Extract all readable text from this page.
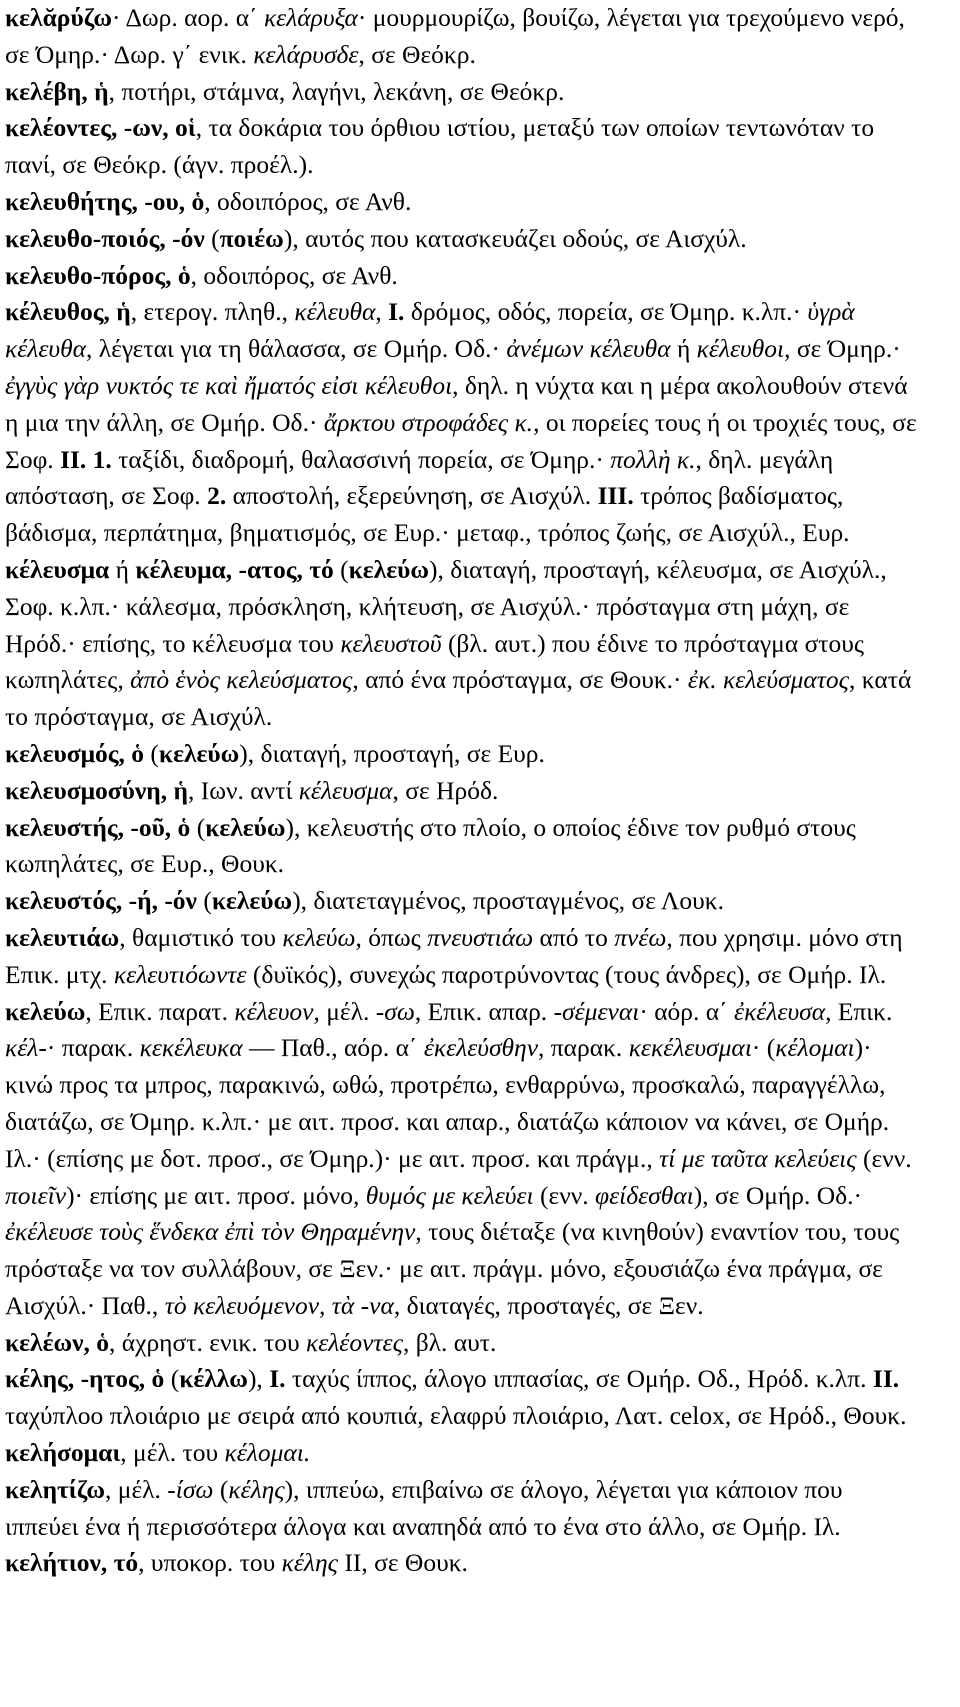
κελᾰρύζω· Δωρ. αορ. α΄ κελάρυξα· μουρμουρίζω, βουίζω, λέγεται για τρεχούμενο νερό, σε Όμηρ.· Δωρ. γ΄ ενικ. κελάρυσδε, σε Θεόκρ.

κελέβη, ἡ, ποτήρι, στάμνα, λαγήνι, λεκάνη, σε Θεόκρ.

κελέοντες, -ων, οἱ, τα δοκάρια του όρθιου ιστίου, μεταξύ των οποίων τεντωνόταν το πανί, σε Θεόκρ. (άγν. προέλ.).

κελευθήτης, -ου, ὁ, οδοιπόρος, σε Ανθ.

κελευθο-ποιός, -όν (ποιέω), αυτός που κατασκευάζει οδούς, σε Αισχύλ.

κελευθο-πόρος, ὁ, οδοιπόρος, σε Ανθ.

κέλευθος, ἡ, ετερογ. πληθ., κέλευθα, I. δρόμος, οδός, πορεία, σε Όμηρ. κ.λπ.· ὑγρὰ κέλευθα, λέγεται για τη θάλασσα, σε Ομήρ. Οδ.· ἀνέμων κέλευθα ή κέλευθοι, σε Όμηρ.· ἐγγὺς γὰρ νυκτός τε καὶ ἤματός εἰσι κέλευθοι, δηλ. η νύχτα και η μέρα ακολουθούν στενά η μια την άλλη, σε Ομήρ. Οδ.· ἄρκτου στροφάδες κ., οι πορείες τους ή οι τροχιές τους, σε Σοφ. II. 1. ταξίδι, διαδρομή, θαλασσινή πορεία, σε Όμηρ.· πολλὴ κ., δηλ. μεγάλη απόσταση, σε Σοφ. 2. αποστολή, εξερεύνηση, σε Αισχύλ. III. τρόπος βαδίσματος, βάδισμα, περπάτημα, βηματισμός, σε Ευρ.· μεταφ., τρόπος ζωής, σε Αισχύλ., Ευρ.

κέλευσμα ή κέλευμα, -ατος, τό (κελεύω), διαταγή, προσταγή, κέλευσμα, σε Αισχύλ., Σοφ. κ.λπ.· κάλεσμα, πρόσκληση, κλήτευση, σε Αισχύλ.· πρόσταγμα στη μάχη, σε Ηρόδ.· επίσης, το κέλευσμα του κελευστοῦ (βλ. αυτ.) που έδινε το πρόσταγμα στους κωπηλάτες, ἀπὸ ἑνὸς κελεύσματος, από ένα πρόσταγμα, σε Θουκ.· ἐκ. κελεύσματος, κατά το πρόσταγμα, σε Αισχύλ.

κελευσμός, ὁ (κελεύω), διαταγή, προσταγή, σε Ευρ.

κελευσμοσύνη, ἡ, Ιων. αντί κέλευσμα, σε Ηρόδ.

κελευστής, -οῦ, ὁ (κελεύω), κελευστής στο πλοίο, ο οποίος έδινε τον ρυθμό στους κωπηλάτες, σε Ευρ., Θουκ.

κελευστός, -ή, -όν (κελεύω), διατεταγμένος, προσταγμένος, σε Λουκ.

κελευτιάω, θαμιστικό του κελεύω, όπως πνευστιάω από το πνέω, που χρησιμ. μόνο στη Επικ. μτχ. κελευτιόωντε (δυϊκός), συνεχώς παροτρύνοντας (τους άνδρες), σε Ομήρ. Ιλ.

κελεύω, Επικ. παρατ. κέλευον, μέλ. -σω, Επικ. απαρ. -σέμεναι· αόρ. α΄ ἐκέλευσα, Επικ. κέλ-· παρακ. κεκέλευκα — Παθ., αόρ. α΄ ἐκελεύσθην, παρακ. κεκέλευσμαι· (κέλομαι)· κινώ προς τα μπρος, παρακινώ, ωθώ, προτρέπω, ενθαρρύνω, προσκαλώ, παραγγέλλω, διατάζω, σε Όμηρ. κ.λπ.· με αιτ. προσ. και απαρ., διατάζω κάποιον να κάνει, σε Ομήρ. Ιλ.· (επίσης με δοτ. προσ., σε Όμηρ.)· με αιτ. προσ. και πράγμ., τί με ταῦτα κελεύεις (ενν. ποιεῖν)· επίσης με αιτ. προσ. μόνο, θυμός με κελεύει (ενν. φείδεσθαι), σε Ομήρ. Οδ.· ἐκέλευσε τοὺς ἕνδεκα ἐπὶ τὸν Θηραμένην, τους διέταξε (να κινηθούν) εναντίον του, τους πρόσταξε να τον συλλάβουν, σε Ξεν.· με αιτ. πράγμ. μόνο, εξουσιάζω ένα πράγμα, σε Αισχύλ.· Παθ., τὸ κελευόμενον, τὰ -να, διαταγές, προσταγές, σε Ξεν.

κελέων, ὁ, άχρηστ. ενικ. του κελέοντες, βλ. αυτ.

κέλης, -ητος, ὁ (κέλλω), I. ταχύς ίππος, άλογο ιππασίας, σε Ομήρ. Οδ., Ηρόδ. κ.λπ. II. ταχύπλοο πλοιάριο με σειρά από κουπιά, ελαφρύ πλοιάριο, Λατ. celox, σε Ηρόδ., Θουκ.

κελήσομαι, μέλ. του κέλομαι.

κελητίζω, μέλ. -ίσω (κέλης), ιππεύω, επιβαίνω σε άλογο, λέγεται για κάποιον που ιππεύει ένα ή περισσότερα άλογα και αναπηδά από το ένα στο άλλο, σε Ομήρ. Ιλ.

κελήτιον, τό, υποκορ. του κέλης II, σε Θουκ.
